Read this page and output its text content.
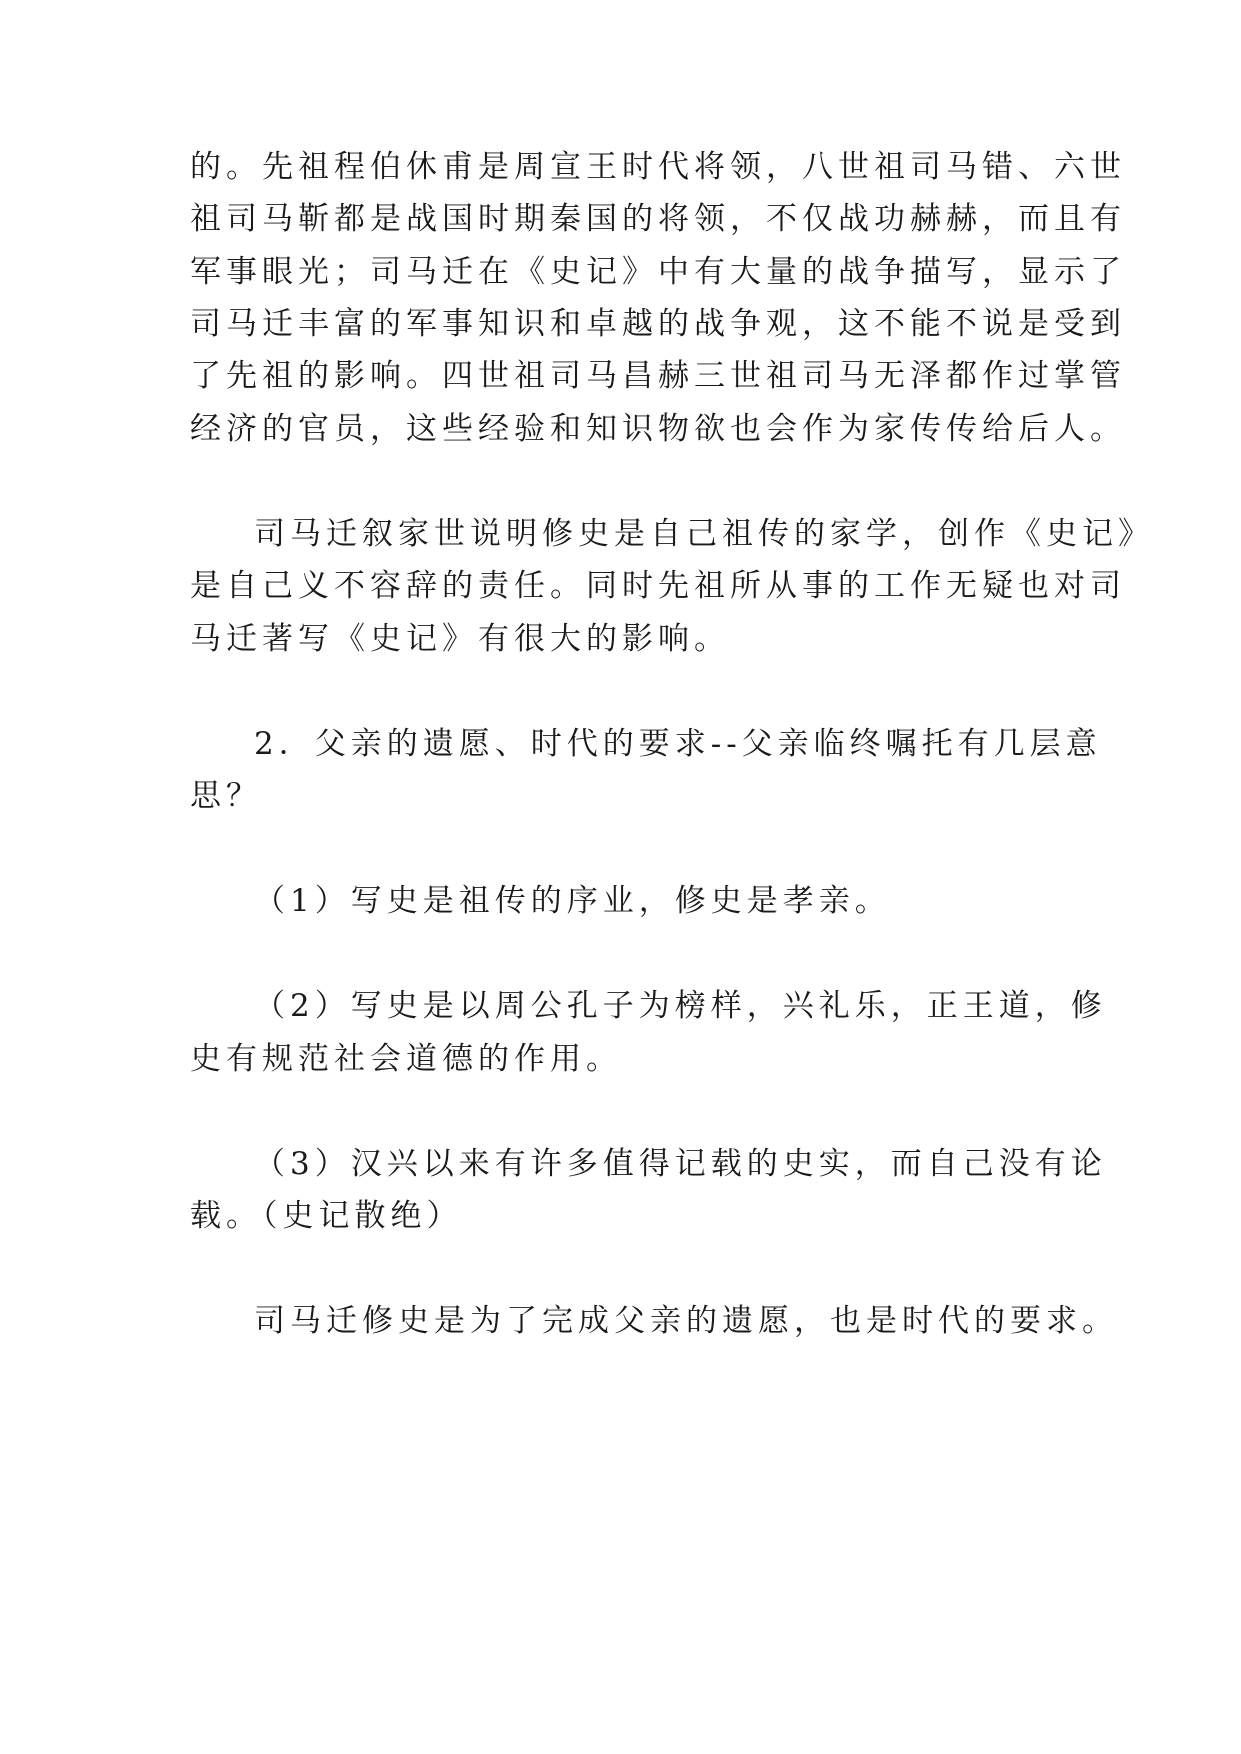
的。先祖程伯休甫是周宣王时代将领，八世祖司马错、六世
祖司马靳都是战国时期秦国的将领，不仅战功赫赫，而且有
军事眼光；司马迁在《史记》中有大量的战争描写，显示了
司马迁丰富的军事知识和卓越的战争观，这不能不说是受到
了先祖的影响。四世祖司马昌赫三世祖司马无泽都作过掌管
经济的官员，这些经验和知识物欲也会作为家传传给后人。
司马迁叙家世说明修史是自己祖传的家学，创作《史记》
是自己义不容辞的责任。同时先祖所从事的工作无疑也对司
马迁著写《史记》有很大的影响。
2．父亲的遗愿、时代的要求--父亲临终嘱托有几层意
思？
（1）写史是祖传的序业，修史是孝亲。
（2）写史是以周公孔子为榜样，兴礼乐，正王道，修
史有规范社会道德的作用。
（3）汉兴以来有许多值得记载的史实，而自己没有论
载。（史记散绝）
司马迁修史是为了完成父亲的遗愿，也是时代的要求。
